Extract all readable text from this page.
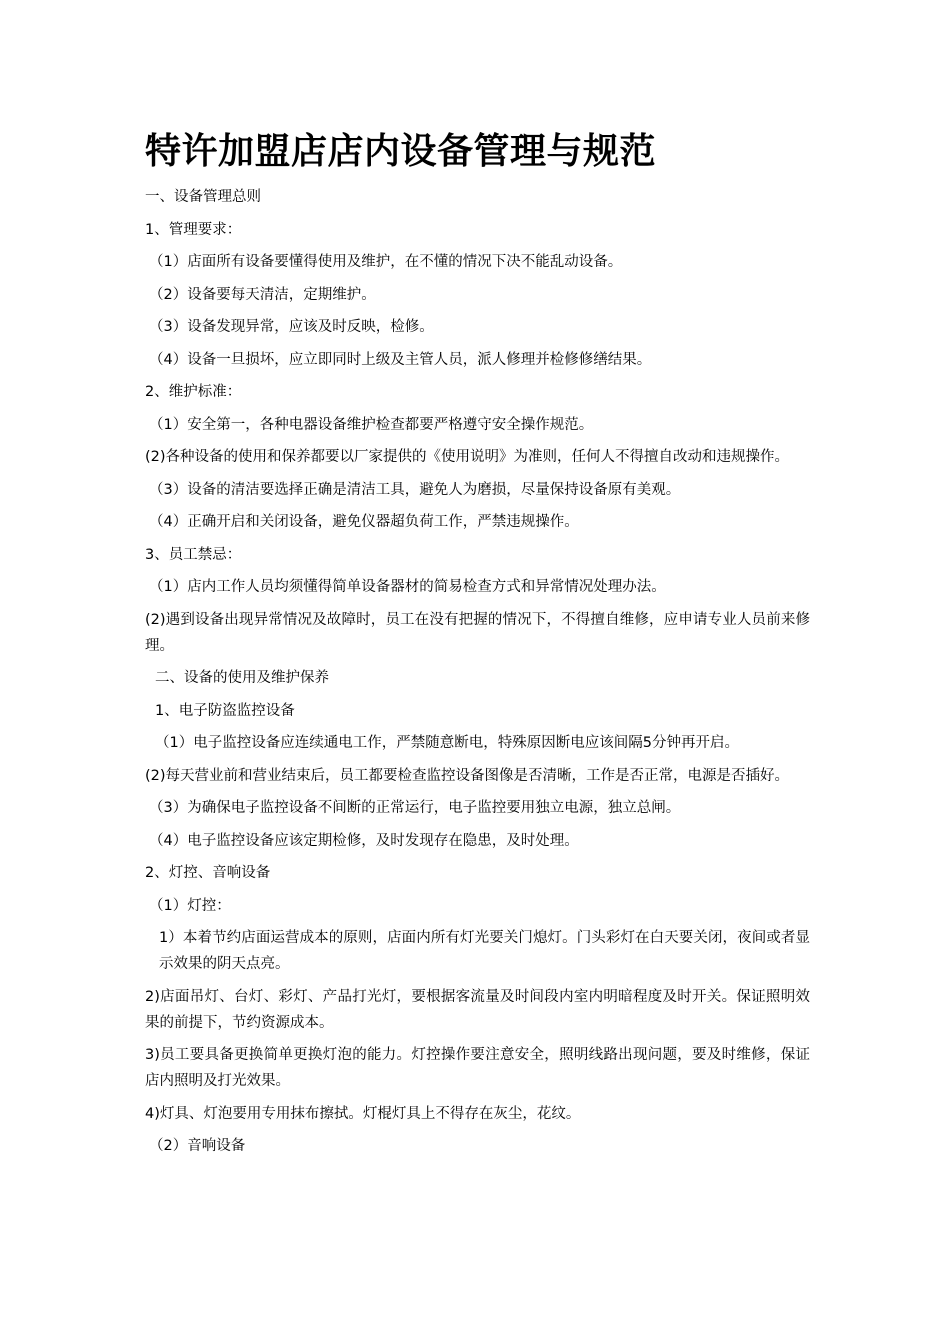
特许加盟店店内设备管理与规范

一、设备管理总则

1、管理要求：

（1）店面所有设备要懂得使用及维护，在不懂的情况下决不能乱动设备。

（2）设备要每天清洁，定期维护。

（3）设备发现异常，应该及时反映，检修。

（4）设备一旦损坏，应立即同时上级及主管人员，派人修理并检修修缮结果。

2、维护标准：

（1）安全第一，各种电器设备维护检查都要严格遵守安全操作规范。

(2)各种设备的使用和保养都要以厂家提供的《使用说明》为准则，任何人不得擅自改动和违规操作。

（3）设备的清洁要选择正确是清洁工具，避免人为磨损，尽量保持设备原有美观。

（4）正确开启和关闭设备，避免仪器超负荷工作，严禁违规操作。

3、员工禁忌：

（1）店内工作人员均须懂得简单设备器材的简易检查方式和异常情况处理办法。

(2)遇到设备出现异常情况及故障时，员工在没有把握的情况下，不得擅自维修，应申请专业人员前来修理。

二、设备的使用及维护保养

1、电子防盗监控设备

（1）电子监控设备应连续通电工作，严禁随意断电，特殊原因断电应该间隔5分钟再开启。

(2)每天营业前和营业结束后，员工都要检查监控设备图像是否清晰，工作是否正常，电源是否插好。

（3）为确保电子监控设备不间断的正常运行，电子监控要用独立电源，独立总闸。

（4）电子监控设备应该定期检修，及时发现存在隐患，及时处理。

2、灯控、音响设备

（1）灯控：

1）本着节约店面运营成本的原则，店面内所有灯光要关门熄灯。门头彩灯在白天要关闭，夜间或者显示效果的阴天点亮。

2)店面吊灯、台灯、彩灯、产品打光灯，要根据客流量及时间段内室内明暗程度及时开关。保证照明效果的前提下，节约资源成本。

3)员工要具备更换简单更换灯泡的能力。灯控操作要注意安全，照明线路出现问题，要及时维修，保证店内照明及打光效果。

4)灯具、灯泡要用专用抹布擦拭。灯棍灯具上不得存在灰尘，花纹。

（2）音响设备
